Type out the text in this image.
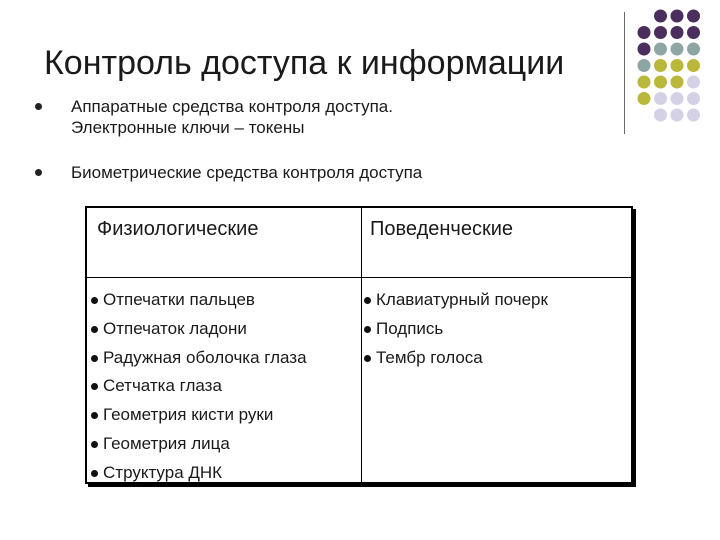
Контроль доступа к информации
Аппаратные средства контроля доступа.
Электронные ключи – токены
Биометрические средства контроля доступа
Физиологические	Поведенческие
Отпечатки пальцев
Отпечаток ладони
Радужная оболочка глаза
Сетчатка глаза
Геометрия кисти руки
Геометрия лица
Структура ДНК
Клавиатурный почерк
Подпись
Тембр голоса
